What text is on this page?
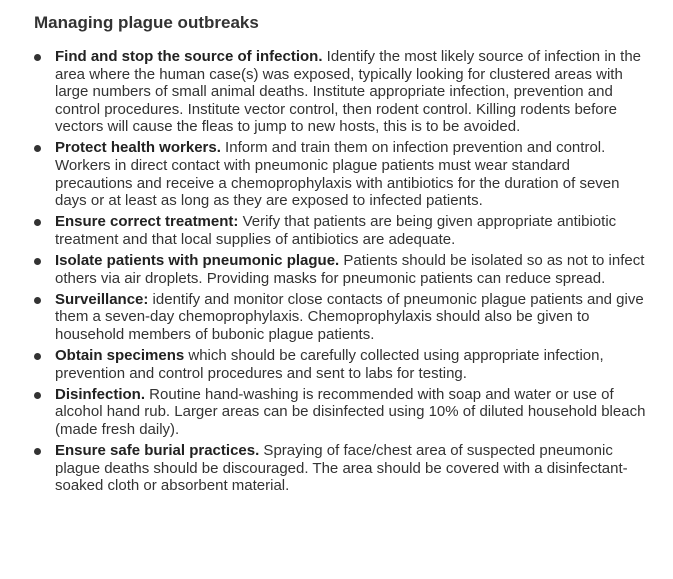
Managing plague outbreaks
Find and stop the source of infection. Identify the most likely source of infection in the area where the human case(s) was exposed, typically looking for clustered areas with large numbers of small animal deaths. Institute appropriate infection, prevention and control procedures. Institute vector control, then rodent control. Killing rodents before vectors will cause the fleas to jump to new hosts, this is to be avoided.
Protect health workers. Inform and train them on infection prevention and control. Workers in direct contact with pneumonic plague patients must wear standard precautions and receive a chemoprophylaxis with antibiotics for the duration of seven days or at least as long as they are exposed to infected patients.
Ensure correct treatment: Verify that patients are being given appropriate antibiotic treatment and that local supplies of antibiotics are adequate.
Isolate patients with pneumonic plague. Patients should be isolated so as not to infect others via air droplets. Providing masks for pneumonic patients can reduce spread.
Surveillance: identify and monitor close contacts of pneumonic plague patients and give them a seven-day chemoprophylaxis. Chemoprophylaxis should also be given to household members of bubonic plague patients.
Obtain specimens which should be carefully collected using appropriate infection, prevention and control procedures and sent to labs for testing.
Disinfection. Routine hand-washing is recommended with soap and water or use of alcohol hand rub. Larger areas can be disinfected using 10% of diluted household bleach (made fresh daily).
Ensure safe burial practices. Spraying of face/chest area of suspected pneumonic plague deaths should be discouraged. The area should be covered with a disinfectant-soaked cloth or absorbent material.
